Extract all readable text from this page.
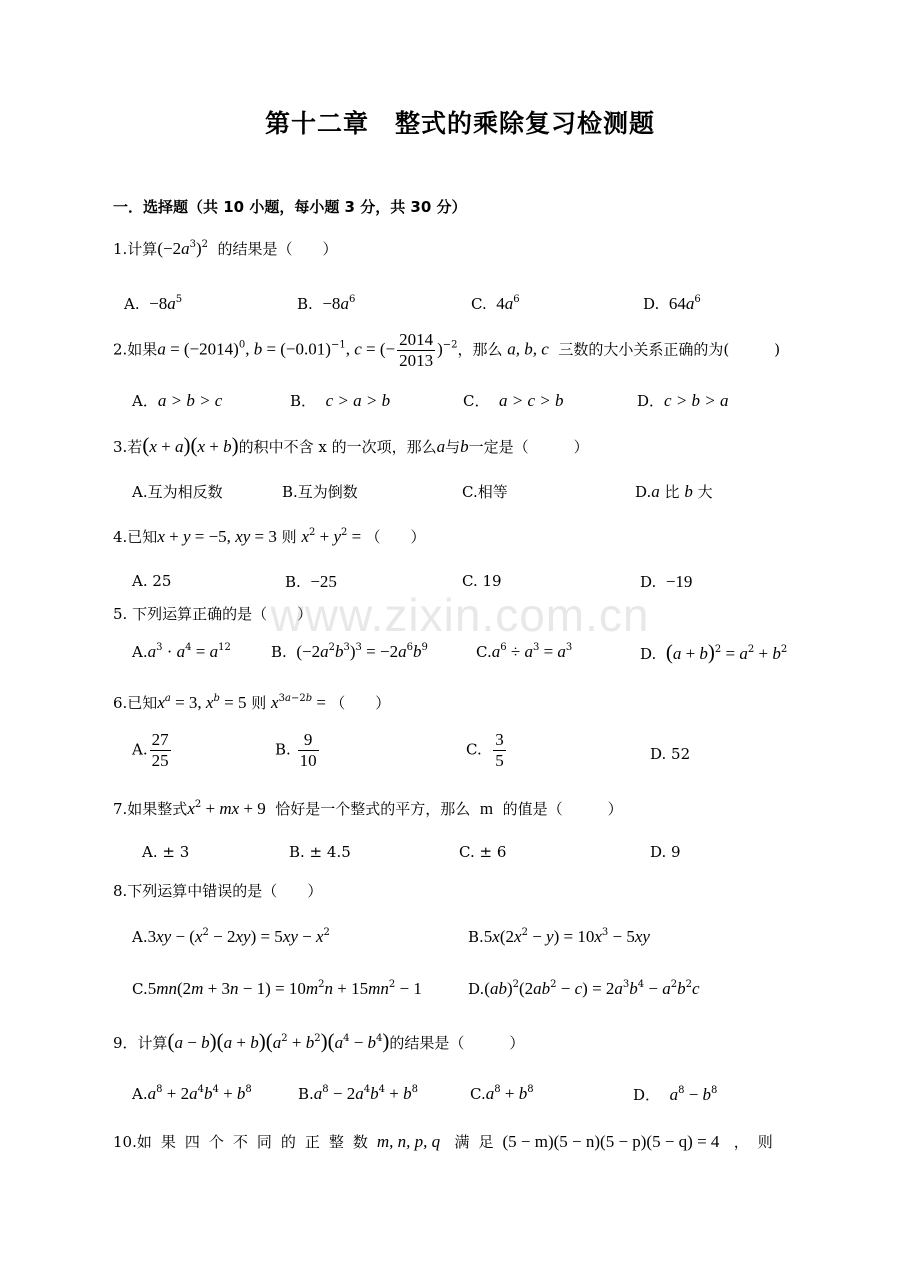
第十二章　整式的乘除复习检测题
一．选择题（共 10 小题，每小题 3 分，共 30 分）
1.计算$(-2a^3)^2$ 的结果是（　　）
A. $-8a^5$	B. $-8a^6$	C. $4a^6$	D. $64a^6$
2.如果$a = (-2014)^0$, $b = (-0.01)^{-1}$, c = (− $\frac{2014}{2013} )^{-2}$，那么 a, b, c 三数的大小关系正确的为(　　　)
A．a > b > c	B． c > a > b	C． a > c > b	D．c > b > a
3.若(x + a)(x + b)的积中不含 x 的一次项，那么a与b一定是（　　　）
A.互为相反数	B.互为倒数	C.相等	D.a 比 b 大
4.已知x + y = −5, xy = 3 则 $x^2 + y^2$ = （　　）
A. 25	B. −25	C. 19	D. −19
5. 下列运算正确的是（　　）
$A.a^3 \cdot a^4 = a^{12}$	B. $(-2a^2b^3)^3 = -2a^6b^9$	$C.a^6 \div a^3 = a^3$	D. $(a + b)^2 = a^2 + b^2$
6.已知$x^a = 3$, $x^b = 5$ 则 $x^{3a-2b}$ = （　　）
A. $\frac{27}{25}$	B. $\frac{9}{10}$	C. $\frac{3}{5}$	D. 52
7.如果整式$x^2$ + mx + 9 恰好是一个整式的平方，那么 m 的值是（　　　）
A. ± 3	B. ± 4.5	C. ± 6	D. 9
8.下列运算中错误的是（　　）
$A.3xy - (x^2 - 2xy) = 5xy - x^2$	$B.5x(2x^2 - y) = 10x^3 - 5xy$
$C.5mn(2m + 3n - 1) = 10m^2n + 15mn^2 - 1$	$D.(ab)^2(2ab^2 - c) = 2a^3b^4 - a^2b^2c$
9．计算$(a - b)(a + b)(a^2 + b^2)(a^4 - b^4)$的结果是（　　　）
$A.a^8 + 2a^4b^4 + b^8$	$B.a^8 - 2a^4b^4 + b^8$	$C.a^8 + b^8$	D． $a^8 - b^8$
10.如果四个不同的正整数m, n, p, q 满足(5 − m)(5 − n)(5 − p)(5 − q) = 4 ，则
www.zixin.com.cn
